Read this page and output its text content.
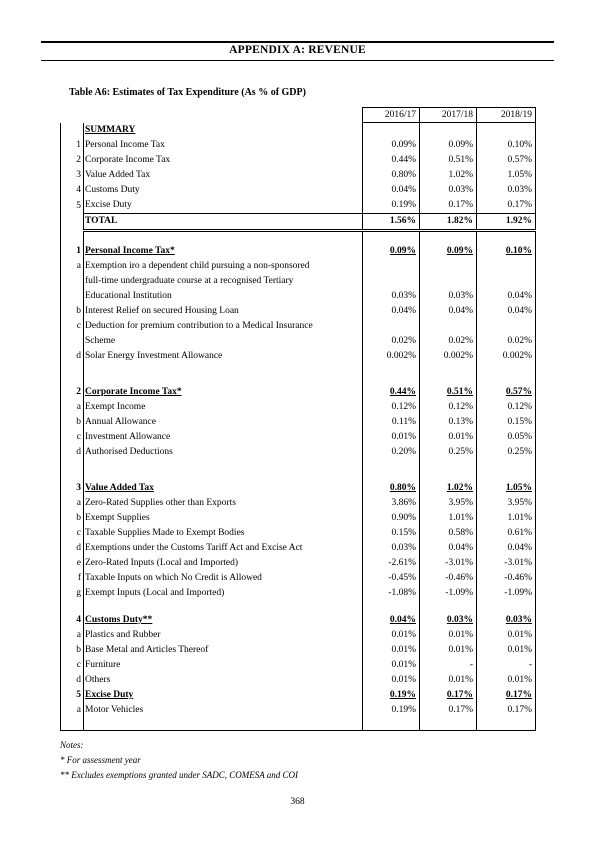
APPENDIX A: REVENUE
Table A6: Estimates of Tax Expenditure (As % of GDP)
		2016/17	2017/18	2018/19
	SUMMARY			
1	Personal Income Tax	0.09%	0.09%	0.10%
2	Corporate Income Tax	0.44%	0.51%	0.57%
3	Value Added Tax	0.80%	1.02%	1.05%
4	Customs Duty	0.04%	0.03%	0.03%
5	Excise Duty	0.19%	0.17%	0.17%
	TOTAL	1.56%	1.82%	1.92%

1	Personal Income Tax*	0.09%	0.09%	0.10%
a	Exemption iro a dependent child pursuing a non-sponsored			
	full-time undergraduate course at a recognised Tertiary			
	Educational Institution	0.03%	0.03%	0.04%
b	Interest Relief on secured Housing Loan	0.04%	0.04%	0.04%
c	Deduction for premium contribution to a Medical Insurance			
	Scheme	0.02%	0.02%	0.02%
d	Solar Energy Investment Allowance	0.002%	0.002%	0.002%

2	Corporate Income Tax*	0.44%	0.51%	0.57%
a	Exempt Income	0.12%	0.12%	0.12%
b	Annual Allowance	0.11%	0.13%	0.15%
c	Investment Allowance	0.01%	0.01%	0.05%
d	Authorised Deductions	0.20%	0.25%	0.25%

3	Value Added Tax	0.80%	1.02%	1.05%
a	Zero-Rated Supplies other than Exports	3.86%	3.95%	3.95%
b	Exempt Supplies	0.90%	1.01%	1.01%
c	Taxable Supplies Made to Exempt Bodies	0.15%	0.58%	0.61%
d	Exemptions under the Customs Tariff Act and Excise Act	0.03%	0.04%	0.04%
e	Zero-Rated Inputs (Local and Imported)	-2.61%	-3.01%	-3.01%
f	Taxable Inputs on which No Credit is Allowed	-0.45%	-0.46%	-0.46%
g	Exempt Inputs (Local and Imported)	-1.08%	-1.09%	-1.09%

4	Customs Duty**	0.04%	0.03%	0.03%
a	Plastics and Rubber	0.01%	0.01%	0.01%
b	Base Metal and Articles Thereof	0.01%	0.01%	0.01%
c	Furniture	0.01%	-	-
d	Others	0.01%	0.01%	0.01%
5	Excise Duty	0.19%	0.17%	0.17%
a	Motor Vehicles	0.19%	0.17%	0.17%

Notes:
* For assessment year
** Excludes exemptions granted under SADC, COMESA and COI
368
